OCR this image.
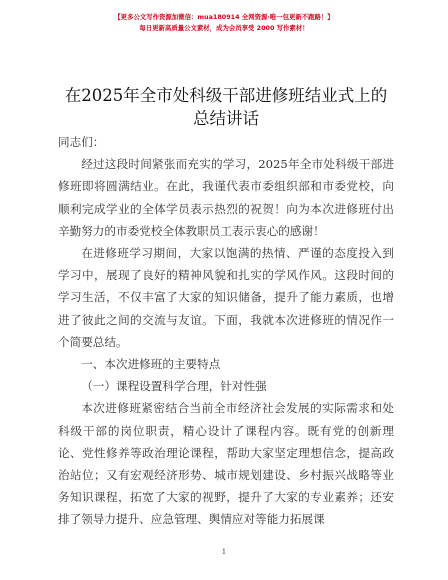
【更多公文写作资源加微信：mua180914 全网资源·唯一包更新不跑路！】
每日更新高质量公文素材，成为会员享受 2000 写作素材！
在2025年全市处科级干部进修班结业式上的总结讲话

同志们：

经过这段时间紧张而充实的学习，2025年全市处科级干部进修班即将圆满结业。在此，我谨代表市委组织部和市委党校，向顺利完成学业的全体学员表示热烈的祝贺！向为本次进修班付出辛勤努力的市委党校全体教职员工表示衷心的感谢！

在进修班学习期间，大家以饱满的热情、严谨的态度投入到学习中，展现了良好的精神风貌和扎实的学风作风。这段时间的学习生活，不仅丰富了大家的知识储备，提升了能力素质，也增进了彼此之间的交流与友谊。下面，我就本次进修班的情况作一个简要总结。

一、本次进修班的主要特点

（一）课程设置科学合理，针对性强

本次进修班紧密结合当前全市经济社会发展的实际需求和处科级干部的岗位职责，精心设计了课程内容。既有党的创新理论、党性修养等政治理论课程，帮助大家坚定理想信念，提高政治站位；又有宏观经济形势、城市规划建设、乡村振兴战略等业务知识课程，拓宽了大家的视野，提升了大家的专业素养；还安排了领导力提升、应急管理、舆情应对等能力拓展课

1
